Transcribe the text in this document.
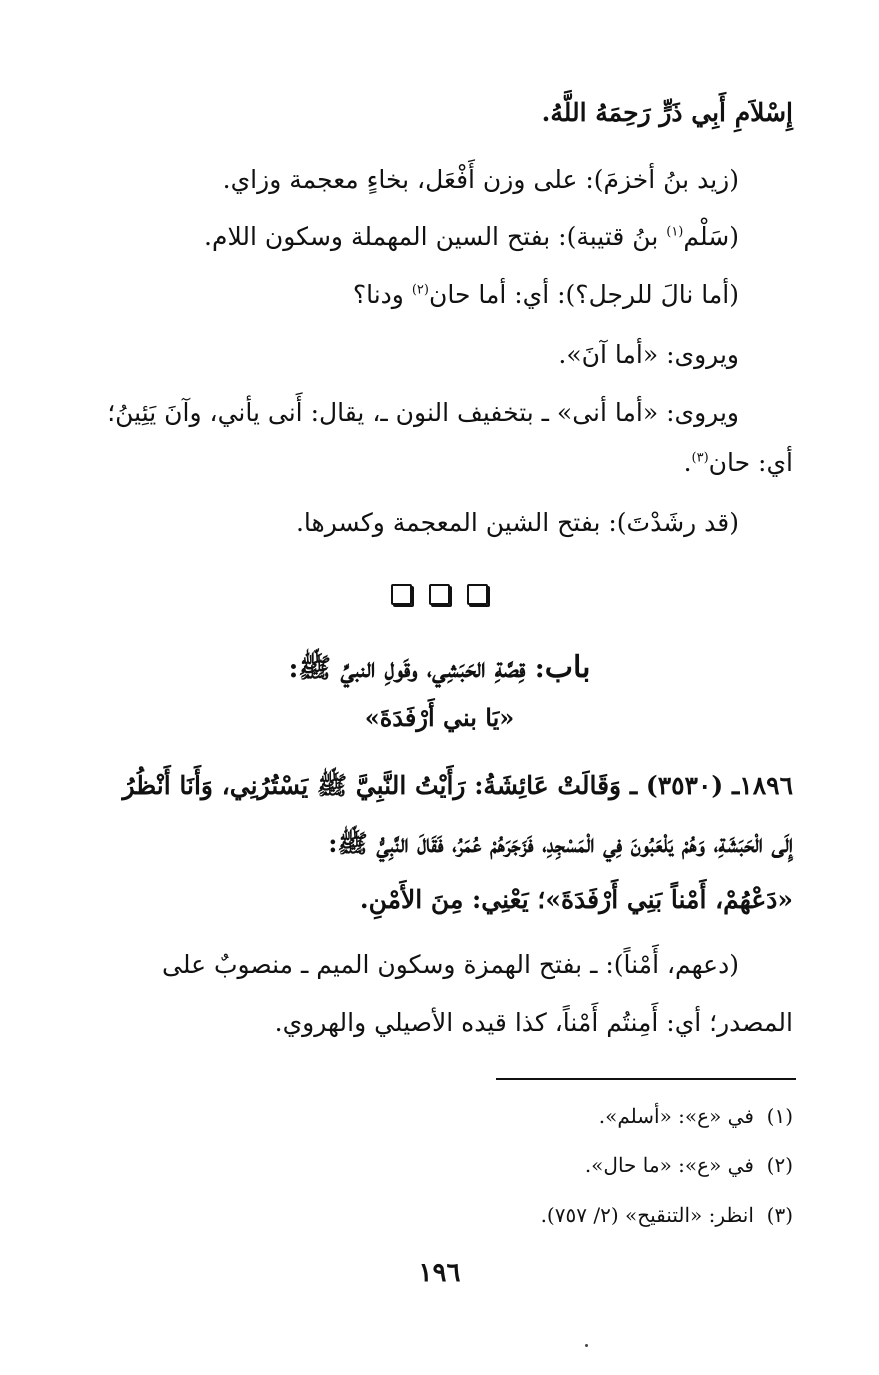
إِسْلاَمِ أَبِي ذَرٍّ رَحِمَهُ اللَّهُ.
(زيد بنُ أخزمَ): على وزن أَفْعَل، بخاءٍ معجمة وزاي.
(سَلْم$^{(١)}$ بنُ قتيبة): بفتح السين المهملة وسكون اللام.
(أما نالَ للرجل؟): أي: أما حان$^{(٢)}$ ودنا؟
ويروى: «أما آنَ».
ويروى: «أما أنى» ـ بتخفيف النون ـ، يقال: أَنى يأني، وآنَ يَئِينُ؛
أي: حان$^{(٣)}$.
(قد رشَدْتَ): بفتح الشين المعجمة وكسرها.

باب: قِصَّةِ الحَبَشِي، وقَولِ النبيِّ ﷺ:
«يَا بني أَرْفَدَةَ»
١٨٩٦ـ (٣٥٣٠) ـ وَقَالَتْ عَائِشَةُ: رَأَيْتُ النَّبِيَّ ﷺ يَسْتُرُنِي، وَأَنَا أَنْظُرُ
إِلَى الْحَبَشَةِ، وَهُمْ يَلْعَبُونَ فِي الْمَسْجِدِ، فَزَجَرَهُمْ عُمَرُ، فَقَالَ النَّبِيُّ ﷺ:
«دَعْهُمْ، أَمْناً بَنِي أَرْفَدَةَ»؛ يَعْنِي: مِنَ الأَمْنِ.
(دعهم، أَمْناً): ـ بفتح الهمزة وسكون الميم ـ منصوبٌ على
المصدر؛ أي: أَمِنتُم أَمْناً، كذا قيده الأصيلي والهروي.
(١)  في «ع»: «أسلم».
(٢)  في «ع»: «ما حال».
(٣)  انظر: «التنقيح» (٢/ ٧٥٧).
١٩٦
